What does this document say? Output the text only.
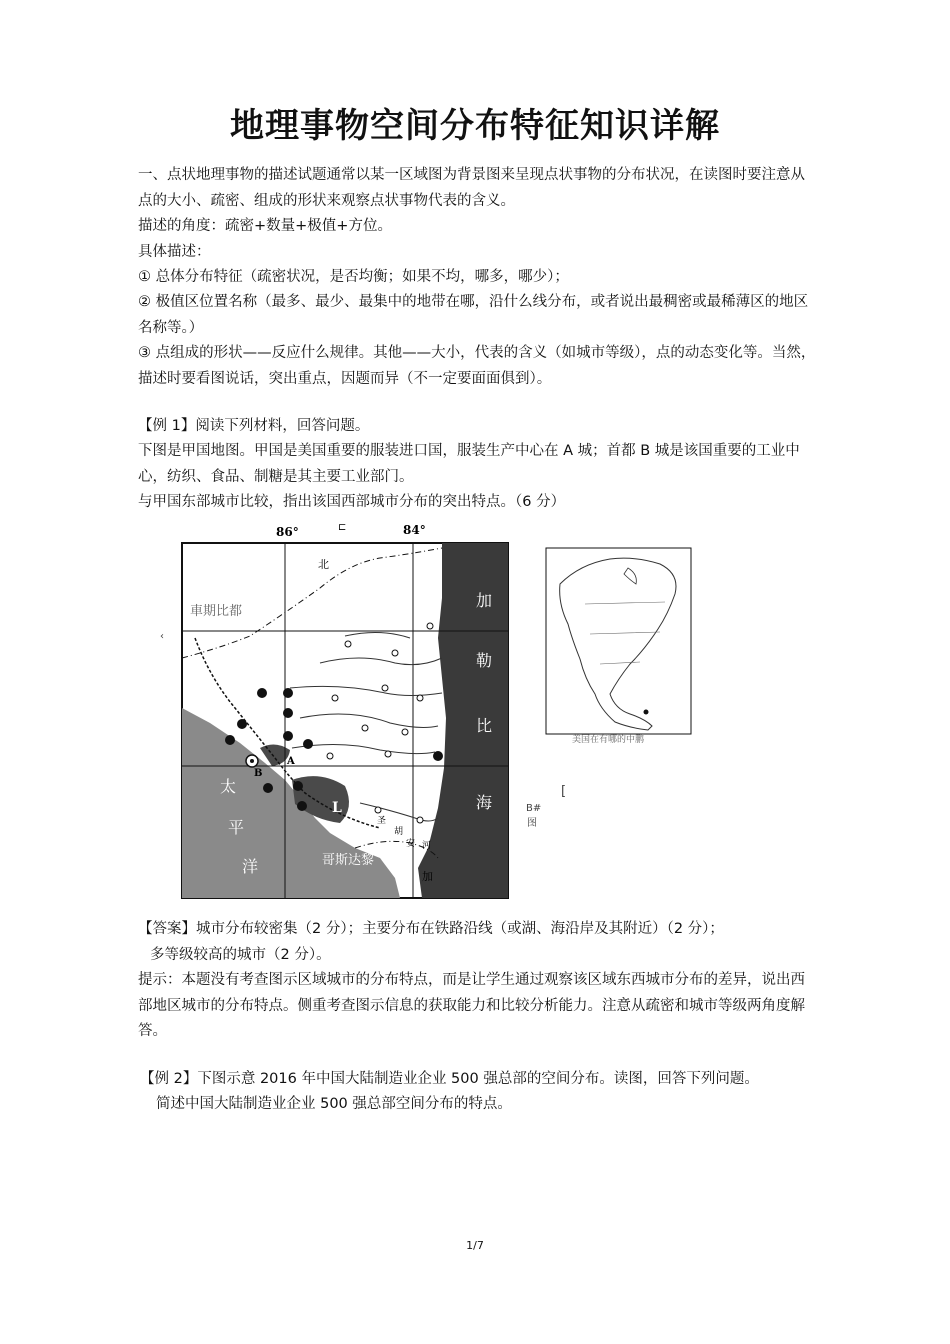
地理事物空间分布特征知识详解

一、点状地理事物的描述试题通常以某一区域图为背景图来呈现点状事物的分布状况，在读图时要注意从点的大小、疏密、组成的形状来观察点状事物代表的含义。

描述的角度：疏密+数量+极值+方位。

具体描述：

① 总体分布特征（疏密状况，是否均衡；如果不均，哪多，哪少）；

② 极值区位置名称（最多、最少、最集中的地带在哪，沿什么线分布，或者说出最稠密或最稀薄区的地区名称等。）

③ 点组成的形状——反应什么规律。其他——大小，代表的含义（如城市等级），点的动态变化等。当然，描述时要看图说话，突出重点，因题而异（不一定要面面俱到）。

【例 1】阅读下列材料，回答问题。

下图是甲国地图。甲国是美国重要的服装进口国，服装生产中心在 A 城；首都 B 城是该国重要的工业中心，纺织、食品、制糖是其主要工业部门。

与甲国东部城市比较，指出该国西部城市分布的突出特点。（6 分）

86°	84°
⊏
北
車期比都
加
勒
比
海
太
平
洋	哥斯达黎
圣
胡
安 河
A
B
L
加
美国在有哪的中鹏
‹
[
B#
图

【答案】城市分布较密集（2 分）；主要分布在铁路沿线（或湖、海沿岸及其附近）（2 分）；

多等级较高的城市（2 分）。

提示：本题没有考查图示区域城市的分布特点，而是让学生通过观察该区域东西城市分布的差异，说出西部地区城市的分布特点。侧重考查图示信息的获取能力和比较分析能力。注意从疏密和城市等级两角度解答。

【例 2】下图示意 2016 年中国大陆制造业企业 500 强总部的空间分布。读图，回答下列问题。

简述中国大陆制造业企业 500 强总部空间分布的特点。

1/7
